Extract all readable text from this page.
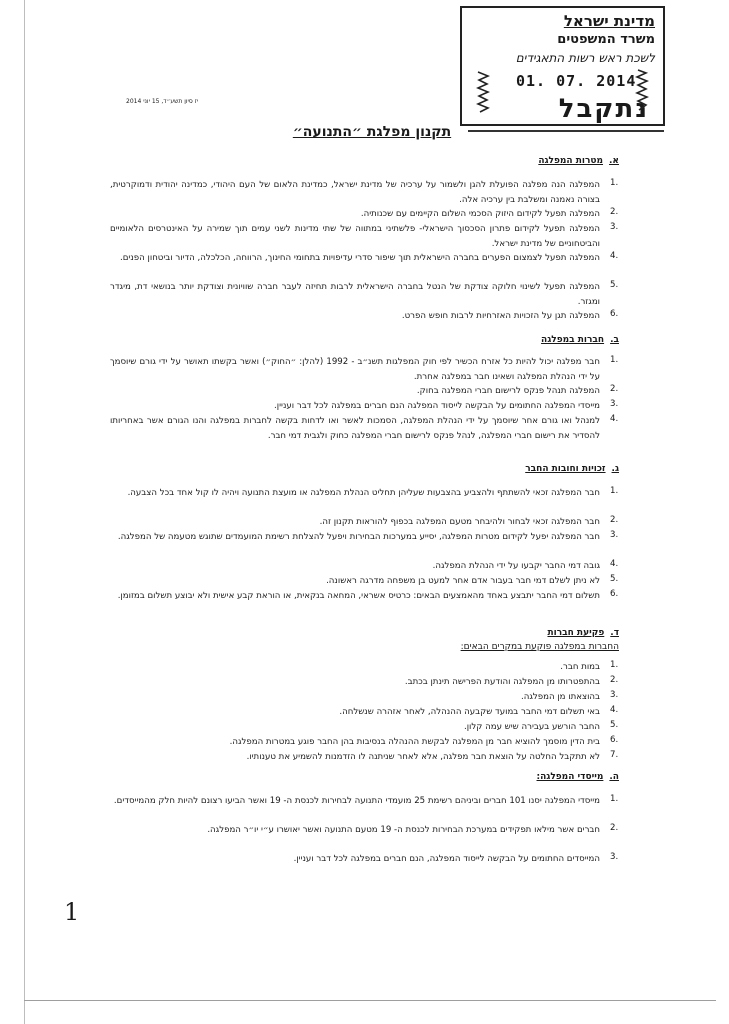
מדינת ישראל
משרד המשפטים
לשכת ראש רשות התאגידים
01. 07. 2014
נתקבל
יז סיון תשע״ד, 15 יוני 2014
תקנון מפלגת ״התנועה״
א.מטרות המפלגה
1.
המפלגה הנה מפלגה הפועלת להגן ולשמור על ערכיה של מדינת ישראל, כמדינת הלאום של העם היהודי, כמדינה יהודית ודמוקרטית, בצורה נאמנה ומשלבת בין ערכיה אלה.
2.
המפלגה תפעל לקידום היזוק הסכמי השלום הקיימים עם שכנותיה.
3.
המפלגה תפעל לקידום פתרון הסכסוך הישראלי- פלשתיני במתווה של שתי מדינות לשני עמים תוך שמירה על האינטרסים הלאומיים והביטחוניים של מדינת ישראל.
4.
המפלגה תפעל לצמצום הפערים בחברה הישראלית תוך שיפור סדרי עדיפויות בתחומי החינוך, הרווחה, הכלכלה, הדיור וביטחון הפנים.
5.
המפלגה תפעל לשינוי חלוקה צודקת של הנטל בחברה הישראלית לרבות תחיזה לעבר חברה שוויונית וצודקת יותר בנושאי דת, מיגדר ומגזר.
6.
המפלגה תגן על הזכויות האזרחיות לרבות חופש הפרט.
ב.חברות במפלגה
1.
חבר מפלגה יכול להיות כל אזרח הכשיר לפי חוק המפלגות תשנ״ב - 1992 (להלן: ״החוק״) ואשר בקשתו תאושר על ידי גורם שיוסמך על ידי הנהלת המפלגה ושאינו חבר במפלגה אחרת.
2.
המפלגה תנהל פנקס לרישום חברי המפלגה בחוק.
3.
מייסדי המפלגה החתומים על הבקשה לייסוד המפלגה הנם חברים במפלגה לכל דבר ועניין.
4.
למנהל ואו גורם אחר שיוסמך על ידי הנהלת המפלגה, הסמכות לאשר ואו לדחות בקשה לחברות במפלגה והנו הגורם אשר באחריותו להסדיר את רישום חברי המפלגה, לנהל פנקס לרישום חברי המפלגה כחוק ולגבית דמי חבר.
ג.זכויות וחובות החבר
1.
חבר המפלגה זכאי להשתתף ולהצביע בהצבעות שעליהן תחליט הנהלת המפלגה או מועצת התנועה ויהיה לו קול אחד בכל הצבעה.
2.
חבר המפלגה זכאי לבחור ולהיבחר מטעם המפלגה בכפוף להוראות תקנון זה.
3.
חבר המפלגה יפעל לקידום מטרות המפלגה, יסייע במערכות הבחירות ויפעל להצלחת רשימת המועמדים שתוגש מטעמה של המפלגה.
4.
גובה דמי החבר יקבעו על ידי הנהלת המפלגה.
5.
לא ניתן לשלם דמי חבר בעבור אדם אחר למעט בן משפחה מדרגה ראשונה.
6.
תשלום דמי החבר יתבצע באחד מהאמצעים הבאים: כרטיס אשראי, המחאה בנקאית, או הוראת קבע אישית ולא יבוצע תשלום במזומן.
ד.פקיעת חברות
החברות במפלגה פוקעת במקרים הבאים:
1.
במות חבר.
2.
בהתפטרותו מן המפלגה והודעת הפרישה תינתן בכתב.
3.
בהוצאתו מן המפלגה.
4.
באי תשלום דמי החבר במועד שקבעה ההנהלה, לאחר אזהרה שנשלחה.
5.
החבר הורשע בעבירה שיש עמה קלון.
6.
בית הדין מוסמך להוציא חבר מן המפלגה לבקשת ההנהלה בנסיבות בהן החבר פוגע במטרות המפלגה.
7.
לא תתקבל החלטה על הוצאת חבר מפלגה, אלא לאחר שניתנה לו הזדמנות להשמיע את טענותיו.
ה.מייסדי המפלגה:
1.
מייסדי המפלגה יסנו 101 חברים וביניהם רשימת 25 מועמדי התנועה לבחירות לכנסת ה- 19 ואשר הביעו רצונם להיות חלק מהמייסדים.
2.
חברים אשר מילאו תפקידים במערכת הבחירות לכנסת ה- 19 מטעם התנועה ואשר יאושרו ע״י יו״ר המפלגה.
3.
המייסדים החתומים על הבקשה לייסוד המפלגה, הנם חברים במפלגה לכל דבר ועניין.
1
